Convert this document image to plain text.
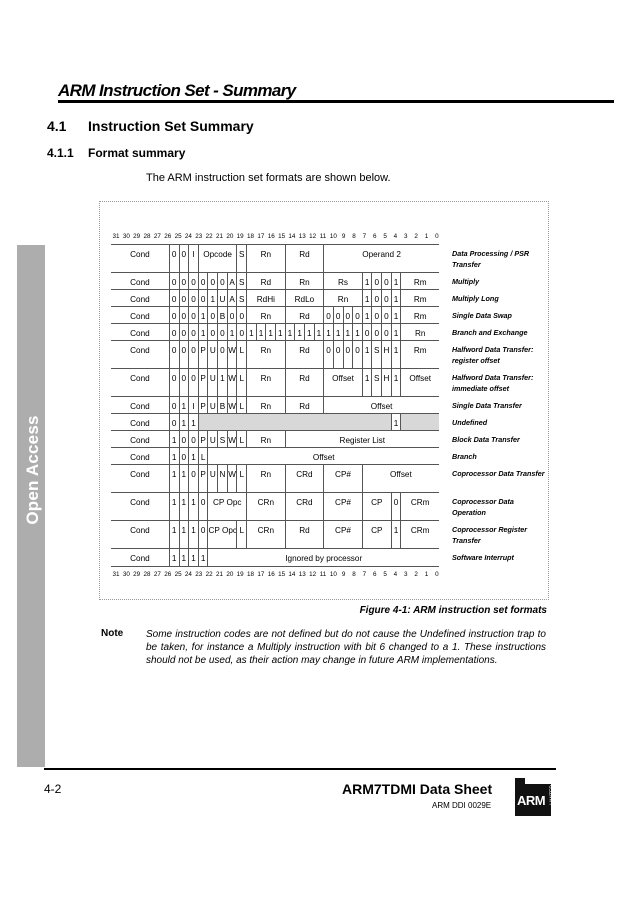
Open Access
ARM Instruction Set - Summary
4.1 Instruction Set Summary
4.1.1 Format summary
The ARM instruction set formats are shown below.
31 30 29 28 27 26 25 24 23 22 21 20 19 18 17 16 15 14 13 12 11 10 9 8 7 6 5 4 3 2 1 0
31 30 29 28 27 26 25 24 23 22 21 20 19 18 17 16 15 14 13 12 11 10 9 8 7 6 5 4 3 2 1 0
Cond	0 0 I	Opcode S	Rn	Rd	Operand 2	Data Processing / PSR Transfer
Cond	0 0 0 0 0 0 A S	Rd	Rn	Rs	1 0 0 1	Rm	Multiply
Cond	0 0 0 0 1 U A S	RdHi	RdLo	Rn	1 0 0 1	Rm	Multiply Long
Cond	0 0 0 1 0 B 0 0	Rn	Rd	0 0 0 0 1 0 0 1	Rm	Single Data Swap
Cond	0 0 0 1 0 0 1 0 1 1 1 1 1 1 1 1 1 1 1 1 0 0 0 1	Rn	Branch and Exchange
Cond	0 0 0 P U 0 W L	Rn	Rd	0 0 0 0 1 S H 1	Rm	Halfword Data Transfer: register offset
Cond	0 0 0 P U 1 W L	Rn	Rd	Offset	1 S H 1	Offset	Halfword Data Transfer: immediate offset
Cond	0 1 I P U B W L	Rn	Rd	Offset	Single Data Transfer
Cond	0 1 1	1	Undefined
Cond	1 0 0 P U S W L	Rn	Register List	Block Data Transfer
Cond	1 0 1 L	Offset	Branch
Cond	1 1 0 P U N W L	Rn	CRd	CP#	Offset	Coprocessor Data Transfer
Cond	1 1 1 0 CP Opc	CRn	CRd	CP#	CP	0	CRm	Coprocessor Data Operation
Cond	1 1 1 0 CP Opc L	CRn	Rd	CP#	CP	1	CRm	Coprocessor Register Transfer
Cond	1 1 1 1	Ignored by processor	Software Interrupt
Figure 4-1: ARM instruction set formats
Note Some instruction codes are not defined but do not cause the Undefined instruction trap to be taken, for instance a Multiply instruction with bit 6 changed to a 1. These instructions should not be used, as their action may change in future ARM implementations.
4-2	ARM7TDMI Data Sheet
ARM DDI 0029E ARM LIMITED
